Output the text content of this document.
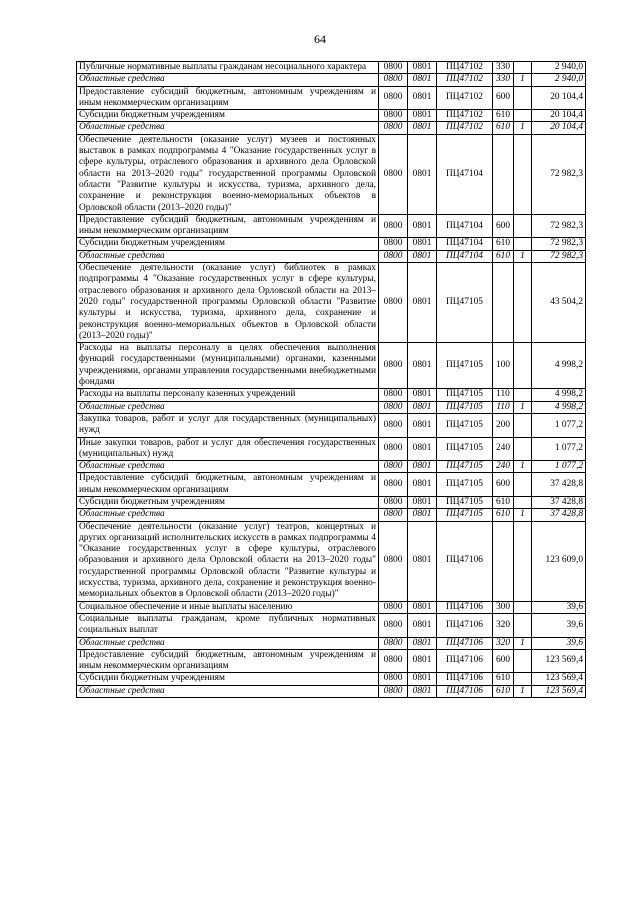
64
Публичные нормативные выплаты гражданам несоциального характера	0800	0801	ПЦ47102	330		2 940,0
Областные средства	0800	0801	ПЦ47102	330	1	2 940,0
Предоставление субсидий бюджетным, автономным учреждениям и иным некоммерческим организациям	0800	0801	ПЦ47102	600		20 104,4
Субсидии бюджетным учреждениям	0800	0801	ПЦ47102	610		20 104,4
Областные средства	0800	0801	ПЦ47102	610	1	20 104,4
Обеспечение деятельности (оказание услуг) музеев и постоянных выставок в рамках подпрограммы 4 "Оказание государственных услуг в сфере культуры, отраслевого образования и архивного дела Орловской области на 2013–2020 годы" государственной программы Орловской области "Развитие культуры и искусства, туризма, архивного дела, сохранение и реконструкция военно-мемориальных объектов в Орловской области (2013–2020 годы)"	0800	0801	ПЦ47104			72 982,3
Предоставление субсидий бюджетным, автономным учреждениям и иным некоммерческим организациям	0800	0801	ПЦ47104	600		72 982,3
Субсидии бюджетным учреждениям	0800	0801	ПЦ47104	610		72 982,3
Областные средства	0800	0801	ПЦ47104	610	1	72 982,3
Обеспечение деятельности (оказание услуг) библиотек в рамках подпрограммы 4 "Оказание государственных услуг в сфере культуры, отраслевого образования и архивного дела Орловской области на 2013–2020 годы" государственной программы Орловской области "Развитие культуры и искусства, туризма, архивного дела, сохранение и реконструкция военно-мемориальных объектов в Орловской области (2013–2020 годы)"	0800	0801	ПЦ47105			43 504,2
Расходы на выплаты персоналу в целях обеспечения выполнения функций государственными (муниципальными) органами, казенными учреждениями, органами управления государственными внебюджетными фондами	0800	0801	ПЦ47105	100		4 998,2
Расходы на выплаты персоналу казенных учреждений	0800	0801	ПЦ47105	110		4 998,2
Областные средства	0800	0801	ПЦ47105	110	1	4 998,2
Закупка товаров, работ и услуг для государственных (муниципальных) нужд	0800	0801	ПЦ47105	200		1 077,2
Иные закупки товаров, работ и услуг для обеспечения государственных (муниципальных) нужд	0800	0801	ПЦ47105	240		1 077,2
Областные средства	0800	0801	ПЦ47105	240	1	1 077,2
Предоставление субсидий бюджетным, автономным учреждениям и иным некоммерческим организациям	0800	0801	ПЦ47105	600		37 428,8
Субсидии бюджетным учреждениям	0800	0801	ПЦ47105	610		37 428,8
Областные средства	0800	0801	ПЦ47105	610	1	37 428,8
Обеспечение деятельности (оказание услуг) театров, концертных и других организаций исполнительских искусств в рамках подпрограммы 4 "Оказание государственных услуг в сфере культуры, отраслевого образования и архивного дела Орловской области на 2013–2020 годы" государственной программы Орловской области "Развитие культуры и искусства, туризма, архивного дела, сохранение и реконструкция военно-мемориальных объектов в Орловской области (2013–2020 годы)"	0800	0801	ПЦ47106			123 609,0
Социальное обеспечение и иные выплаты населению	0800	0801	ПЦ47106	300		39,6
Социальные выплаты гражданам, кроме публичных нормативных социальных выплат	0800	0801	ПЦ47106	320		39,6
Областные средства	0800	0801	ПЦ47106	320	1	39,6
Предоставление субсидий бюджетным, автономным учреждениям и иным некоммерческим организациям	0800	0801	ПЦ47106	600		123 569,4
Субсидии бюджетным учреждениям	0800	0801	ПЦ47106	610		123 569,4
Областные средства	0800	0801	ПЦ47106	610	1	123 569,4
